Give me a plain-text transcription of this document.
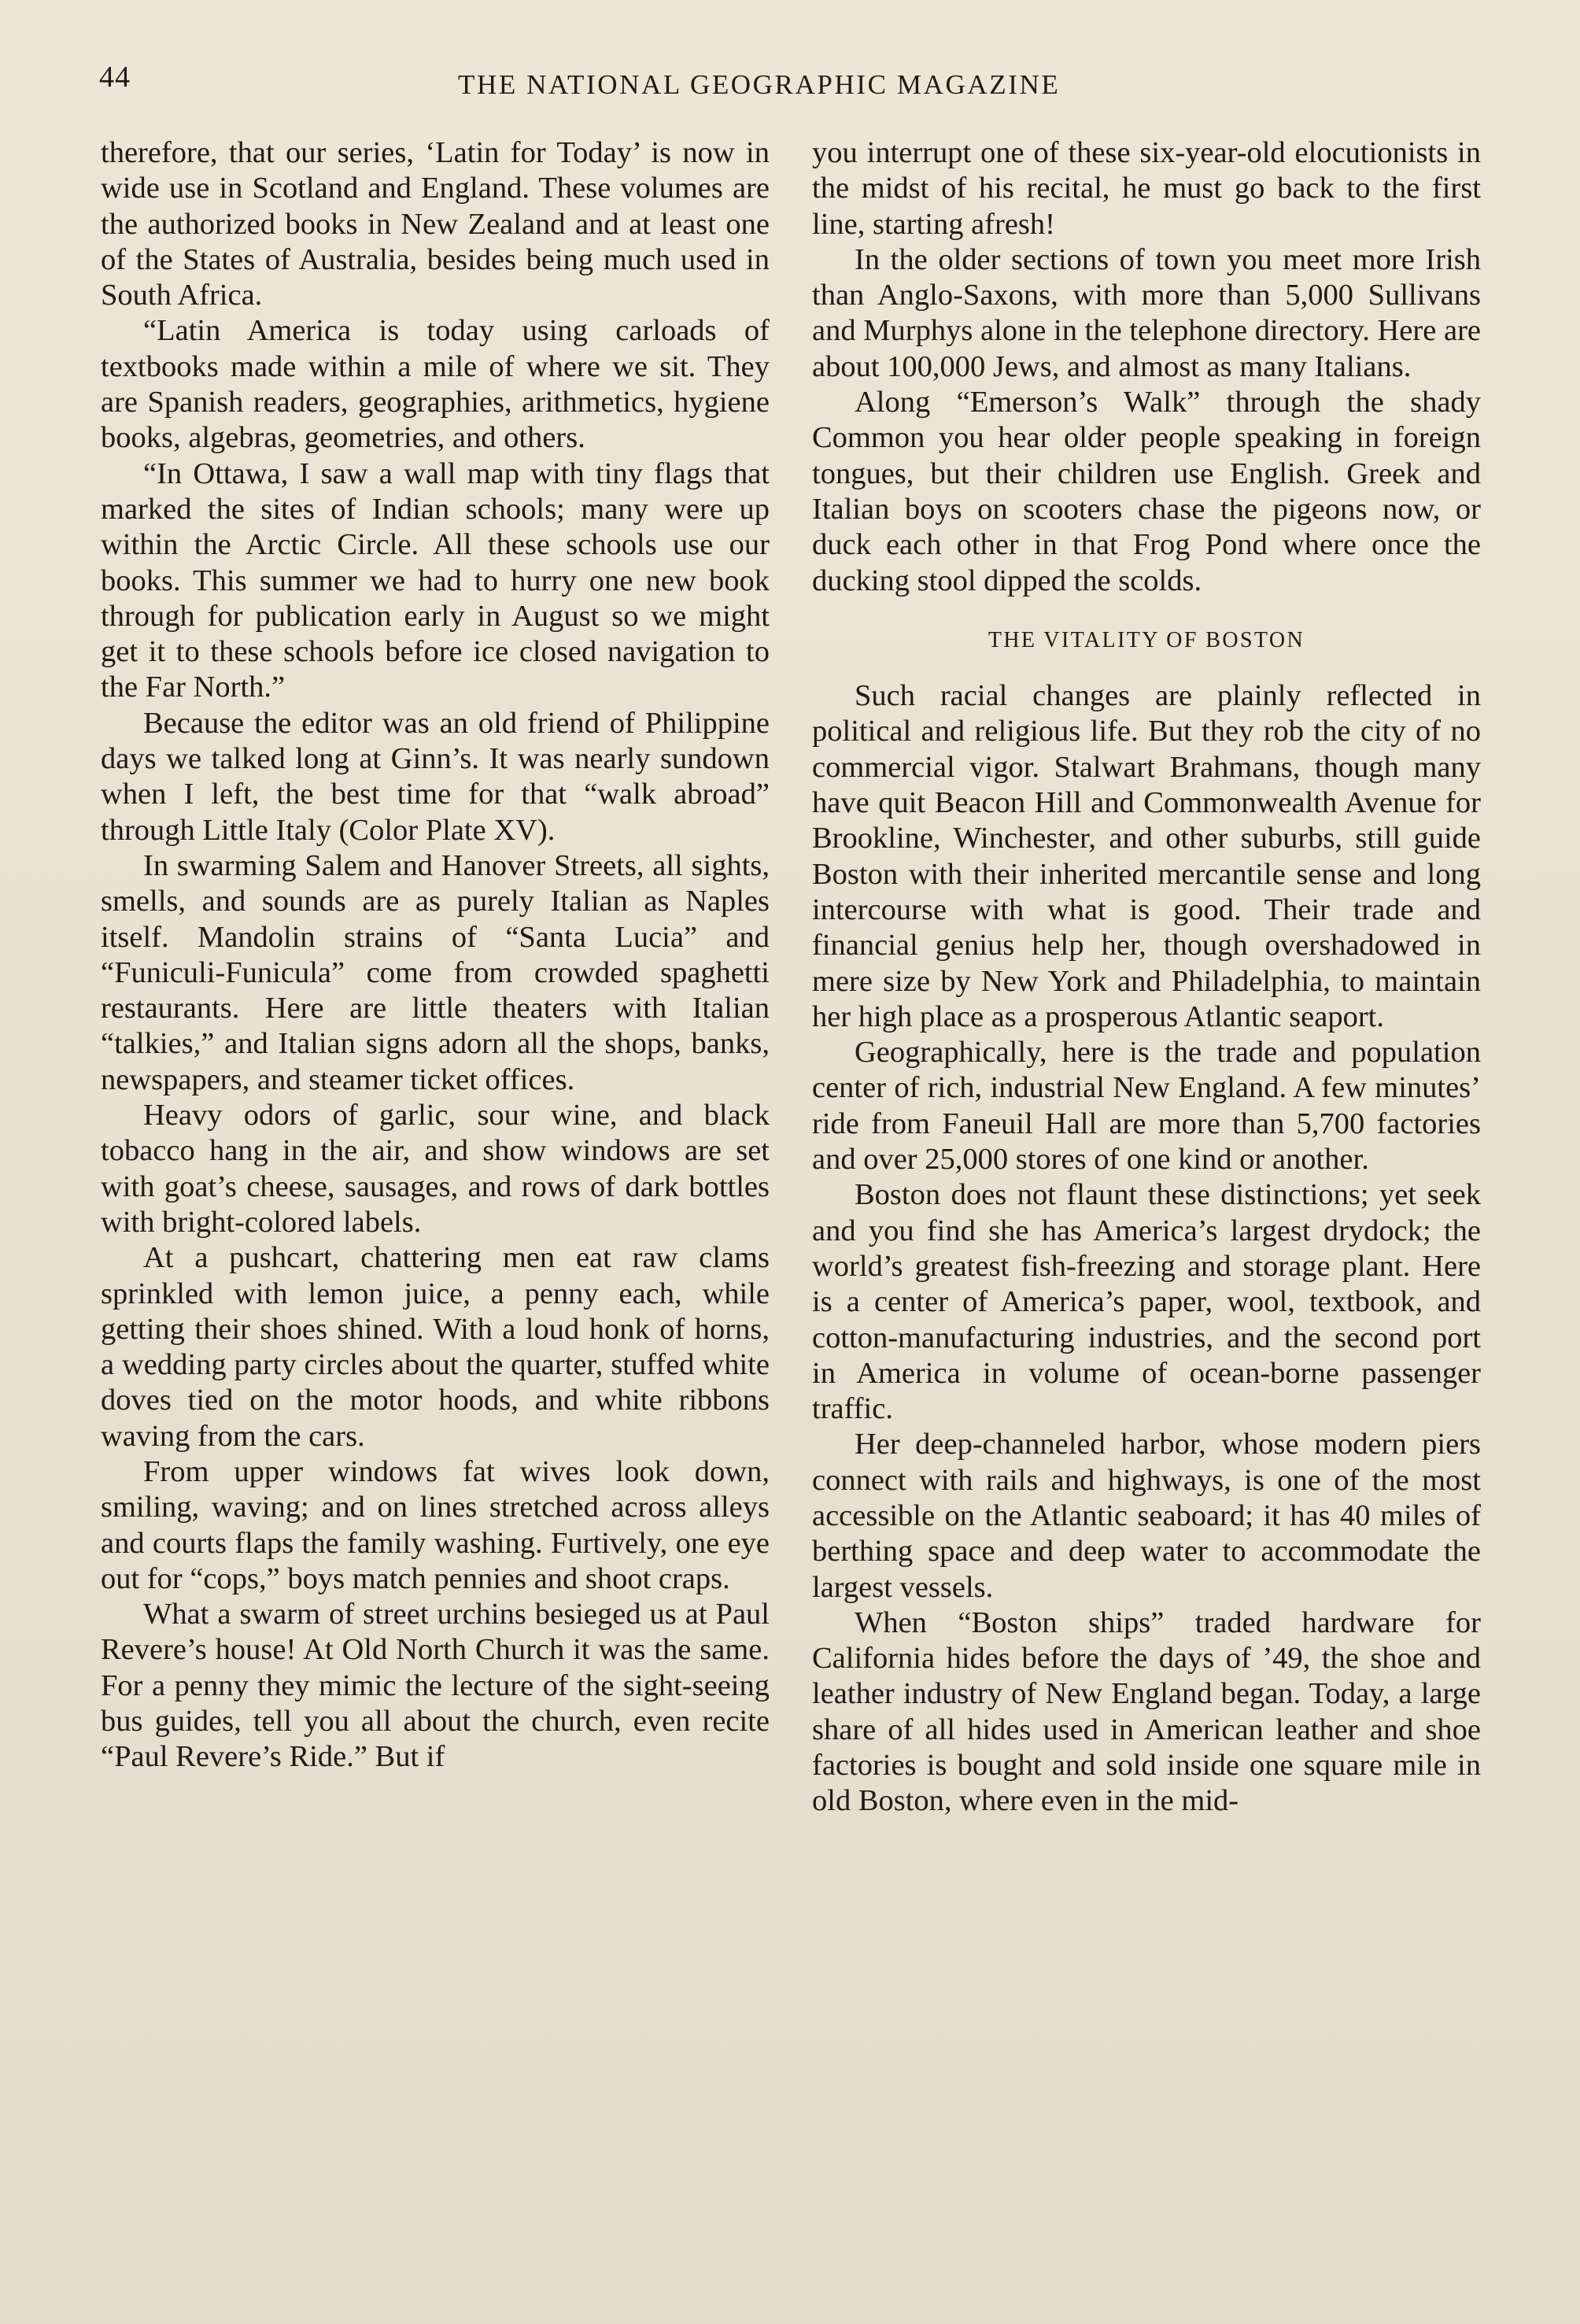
44	THE NATIONAL GEOGRAPHIC MAGAZINE

therefore, that our series, ‘Latin for Today’ is now in wide use in Scotland and England. These volumes are the authorized books in New Zealand and at least one of the States of Australia, besides being much used in South Africa.

“Latin America is today using carloads of textbooks made within a mile of where we sit. They are Spanish readers, geographies, arithmetics, hygiene books, algebras, geometries, and others.

“In Ottawa, I saw a wall map with tiny flags that marked the sites of Indian schools; many were up within the Arctic Circle. All these schools use our books. This summer we had to hurry one new book through for publication early in August so we might get it to these schools before ice closed navigation to the Far North.”

Because the editor was an old friend of Philippine days we talked long at Ginn’s. It was nearly sundown when I left, the best time for that “walk abroad” through Little Italy (Color Plate XV).

In swarming Salem and Hanover Streets, all sights, smells, and sounds are as purely Italian as Naples itself. Mandolin strains of “Santa Lucia” and “Funiculi-Funicula” come from crowded spaghetti restaurants. Here are little theaters with Italian “talkies,” and Italian signs adorn all the shops, banks, newspapers, and steamer ticket offices.

Heavy odors of garlic, sour wine, and black tobacco hang in the air, and show windows are set with goat’s cheese, sausages, and rows of dark bottles with bright-colored labels.

At a pushcart, chattering men eat raw clams sprinkled with lemon juice, a penny each, while getting their shoes shined. With a loud honk of horns, a wedding party circles about the quarter, stuffed white doves tied on the motor hoods, and white ribbons waving from the cars.

From upper windows fat wives look down, smiling, waving; and on lines stretched across alleys and courts flaps the family washing. Furtively, one eye out for “cops,” boys match pennies and shoot craps.

What a swarm of street urchins besieged us at Paul Revere’s house! At Old North Church it was the same. For a penny they mimic the lecture of the sight-seeing bus guides, tell you all about the church, even recite “Paul Revere’s Ride.” But if

you interrupt one of these six-year-old elocutionists in the midst of his recital, he must go back to the first line, starting afresh!

In the older sections of town you meet more Irish than Anglo-Saxons, with more than 5,000 Sullivans and Murphys alone in the telephone directory. Here are about 100,000 Jews, and almost as many Italians.

Along “Emerson’s Walk” through the shady Common you hear older people speaking in foreign tongues, but their children use English. Greek and Italian boys on scooters chase the pigeons now, or duck each other in that Frog Pond where once the ducking stool dipped the scolds.

THE VITALITY OF BOSTON

Such racial changes are plainly reflected in political and religious life. But they rob the city of no commercial vigor. Stalwart Brahmans, though many have quit Beacon Hill and Commonwealth Avenue for Brookline, Winchester, and other suburbs, still guide Boston with their inherited mercantile sense and long intercourse with what is good. Their trade and financial genius help her, though overshadowed in mere size by New York and Philadelphia, to maintain her high place as a prosperous Atlantic seaport.

Geographically, here is the trade and population center of rich, industrial New England. A few minutes’ ride from Faneuil Hall are more than 5,700 factories and over 25,000 stores of one kind or another.

Boston does not flaunt these distinctions; yet seek and you find she has America’s largest drydock; the world’s greatest fish-freezing and storage plant. Here is a center of America’s paper, wool, textbook, and cotton-manufacturing industries, and the second port in America in volume of ocean-borne passenger traffic.

Her deep-channeled harbor, whose modern piers connect with rails and highways, is one of the most accessible on the Atlantic seaboard; it has 40 miles of berthing space and deep water to accommodate the largest vessels.

When “Boston ships” traded hardware for California hides before the days of ’49, the shoe and leather industry of New England began. Today, a large share of all hides used in American leather and shoe factories is bought and sold inside one square mile in old Boston, where even in the mid-
